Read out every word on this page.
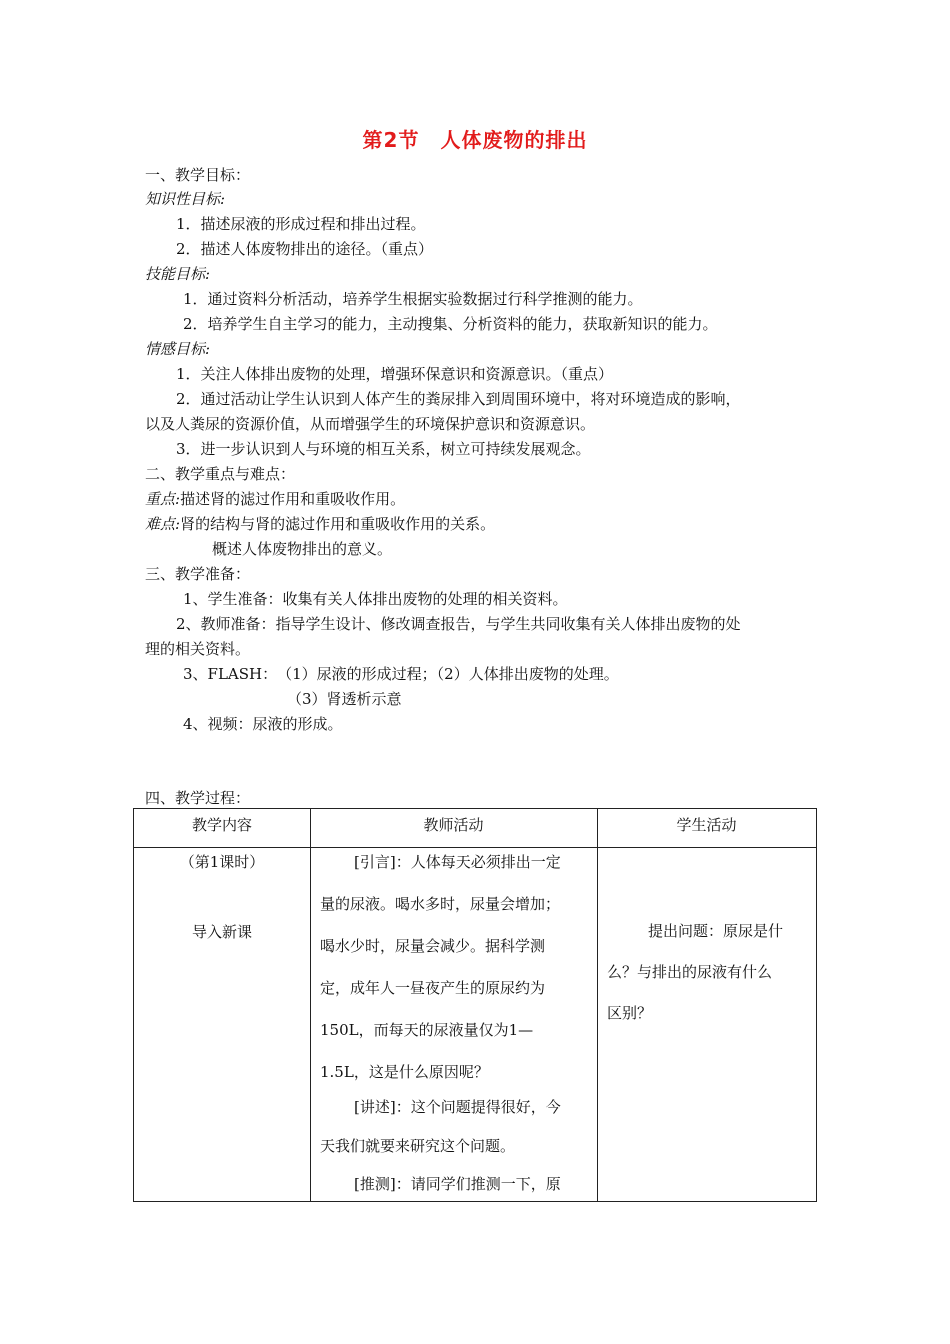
第2节　人体废物的排出
一、教学目标：
知识性目标:
1．描述尿液的形成过程和排出过程。
2．描述人体废物排出的途径。（重点）
技能目标:
1．通过资料分析活动，培养学生根据实验数据过行科学推测的能力。
2．培养学生自主学习的能力，主动搜集、分析资料的能力，获取新知识的能力。
情感目标:
1．关注人体排出废物的处理，增强环保意识和资源意识。（重点）
2．通过活动让学生认识到人体产生的粪尿排入到周围环境中，将对环境造成的影响，
以及人粪尿的资源价值，从而增强学生的环境保护意识和资源意识。
3．进一步认识到人与环境的相互关系，树立可持续发展观念。
二、教学重点与难点：
重点:描述肾的滤过作用和重吸收作用。
难点:肾的结构与肾的滤过作用和重吸收作用的关系。
概述人体废物排出的意义。
三、教学准备：
1、学生准备：收集有关人体排出废物的处理的相关资料。
2、教师准备：指导学生设计、修改调查报告，与学生共同收集有关人体排出废物的处
理的相关资料。
3、FLASH：　（1）尿液的形成过程；（2）人体排出废物的处理。
（3）肾透析示意
4、视频：尿液的形成。
四、教学过程：
教学内容	教师活动	学生活动
（第1课时）
导入新课
[引言]：人体每天必须排出一定
量的尿液。喝水多时，尿量会增加；
喝水少时，尿量会减少。据科学测
定，成年人一昼夜产生的原尿约为
150L，而每天的尿液量仅为1—
1.5L，这是什么原因呢？
[讲述]：这个问题提得很好，今
天我们就要来研究这个问题。
[推测]：请同学们推测一下，原
提出问题：原尿是什
么？与排出的尿液有什么
区别？
